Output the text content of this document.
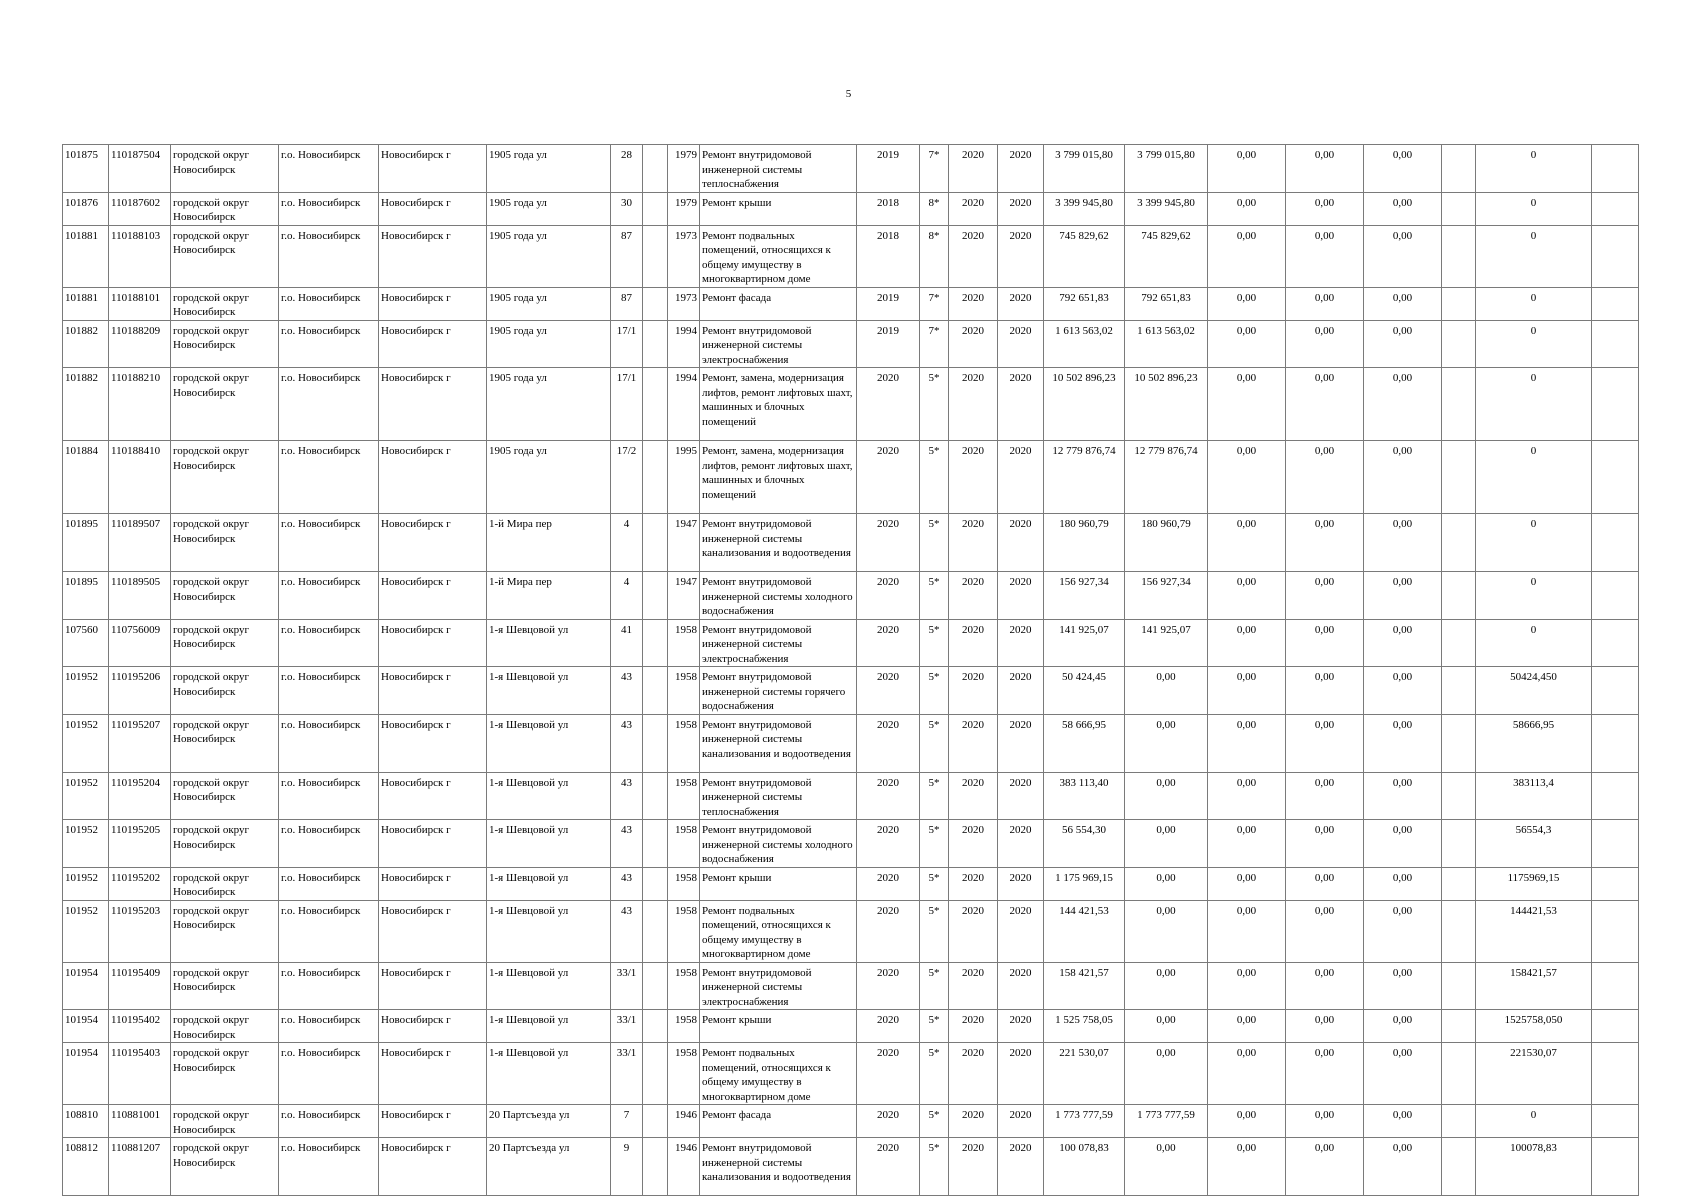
5
101875	110187504	городской округ Новосибирск	г.о. Новосибирск	Новосибирск г	1905 года ул	28		1979	Ремонт внутридомовой инженерной системы теплоснабжения	2019	7*	2020	2020	3 799 015,80	3 799 015,80	0,00	0,00	0,00		0	
101876	110187602	городской округ Новосибирск	г.о. Новосибирск	Новосибирск г	1905 года ул	30		1979	Ремонт крыши	2018	8*	2020	2020	3 399 945,80	3 399 945,80	0,00	0,00	0,00		0	
101881	110188103	городской округ Новосибирск	г.о. Новосибирск	Новосибирск г	1905 года ул	87		1973	Ремонт подвальных помещений, относящихся к общему имуществу в многоквартирном доме	2018	8*	2020	2020	745 829,62	745 829,62	0,00	0,00	0,00		0	
101881	110188101	городской округ Новосибирск	г.о. Новосибирск	Новосибирск г	1905 года ул	87		1973	Ремонт фасада	2019	7*	2020	2020	792 651,83	792 651,83	0,00	0,00	0,00		0	
101882	110188209	городской округ Новосибирск	г.о. Новосибирск	Новосибирск г	1905 года ул	17/1		1994	Ремонт внутридомовой инженерной системы электроснабжения	2019	7*	2020	2020	1 613 563,02	1 613 563,02	0,00	0,00	0,00		0	
101882	110188210	городской округ Новосибирск	г.о. Новосибирск	Новосибирск г	1905 года ул	17/1		1994	Ремонт, замена, модернизация лифтов, ремонт лифтовых шахт, машинных и блочных помещений	2020	5*	2020	2020	10 502 896,23	10 502 896,23	0,00	0,00	0,00		0	
101884	110188410	городской округ Новосибирск	г.о. Новосибирск	Новосибирск г	1905 года ул	17/2		1995	Ремонт, замена, модернизация лифтов, ремонт лифтовых шахт, машинных и блочных помещений	2020	5*	2020	2020	12 779 876,74	12 779 876,74	0,00	0,00	0,00		0	
101895	110189507	городской округ Новосибирск	г.о. Новосибирск	Новосибирск г	1-й Мира пер	4		1947	Ремонт внутридомовой инженерной системы канализования и водоотведения	2020	5*	2020	2020	180 960,79	180 960,79	0,00	0,00	0,00		0	
101895	110189505	городской округ Новосибирск	г.о. Новосибирск	Новосибирск г	1-й Мира пер	4		1947	Ремонт внутридомовой инженерной системы холодного водоснабжения	2020	5*	2020	2020	156 927,34	156 927,34	0,00	0,00	0,00		0	
107560	110756009	городской округ Новосибирск	г.о. Новосибирск	Новосибирск г	1-я Шевцовой ул	41		1958	Ремонт внутридомовой инженерной системы электроснабжения	2020	5*	2020	2020	141 925,07	141 925,07	0,00	0,00	0,00		0	
101952	110195206	городской округ Новосибирск	г.о. Новосибирск	Новосибирск г	1-я Шевцовой ул	43		1958	Ремонт внутридомовой инженерной системы горячего водоснабжения	2020	5*	2020	2020	50 424,45	0,00	0,00	0,00	0,00		50424,450	
101952	110195207	городской округ Новосибирск	г.о. Новосибирск	Новосибирск г	1-я Шевцовой ул	43		1958	Ремонт внутридомовой инженерной системы канализования и водоотведения	2020	5*	2020	2020	58 666,95	0,00	0,00	0,00	0,00		58666,95	
101952	110195204	городской округ Новосибирск	г.о. Новосибирск	Новосибирск г	1-я Шевцовой ул	43		1958	Ремонт внутридомовой инженерной системы теплоснабжения	2020	5*	2020	2020	383 113,40	0,00	0,00	0,00	0,00		383113,4	
101952	110195205	городской округ Новосибирск	г.о. Новосибирск	Новосибирск г	1-я Шевцовой ул	43		1958	Ремонт внутридомовой инженерной системы холодного водоснабжения	2020	5*	2020	2020	56 554,30	0,00	0,00	0,00	0,00		56554,3	
101952	110195202	городской округ Новосибирск	г.о. Новосибирск	Новосибирск г	1-я Шевцовой ул	43		1958	Ремонт крыши	2020	5*	2020	2020	1 175 969,15	0,00	0,00	0,00	0,00		1175969,15	
101952	110195203	городской округ Новосибирск	г.о. Новосибирск	Новосибирск г	1-я Шевцовой ул	43		1958	Ремонт подвальных помещений, относящихся к общему имуществу в многоквартирном доме	2020	5*	2020	2020	144 421,53	0,00	0,00	0,00	0,00		144421,53	
101954	110195409	городской округ Новосибирск	г.о. Новосибирск	Новосибирск г	1-я Шевцовой ул	33/1		1958	Ремонт внутридомовой инженерной системы электроснабжения	2020	5*	2020	2020	158 421,57	0,00	0,00	0,00	0,00		158421,57	
101954	110195402	городской округ Новосибирск	г.о. Новосибирск	Новосибирск г	1-я Шевцовой ул	33/1		1958	Ремонт крыши	2020	5*	2020	2020	1 525 758,05	0,00	0,00	0,00	0,00		1525758,050	
101954	110195403	городской округ Новосибирск	г.о. Новосибирск	Новосибирск г	1-я Шевцовой ул	33/1		1958	Ремонт подвальных помещений, относящихся к общему имуществу в многоквартирном доме	2020	5*	2020	2020	221 530,07	0,00	0,00	0,00	0,00		221530,07	
108810	110881001	городской округ Новосибирск	г.о. Новосибирск	Новосибирск г	20 Партсъезда ул	7		1946	Ремонт фасада	2020	5*	2020	2020	1 773 777,59	1 773 777,59	0,00	0,00	0,00		0	
108812	110881207	городской округ Новосибирск	г.о. Новосибирск	Новосибирск г	20 Партсъезда ул	9		1946	Ремонт внутридомовой инженерной системы канализования и водоотведения	2020	5*	2020	2020	100 078,83	0,00	0,00	0,00	0,00		100078,83	
